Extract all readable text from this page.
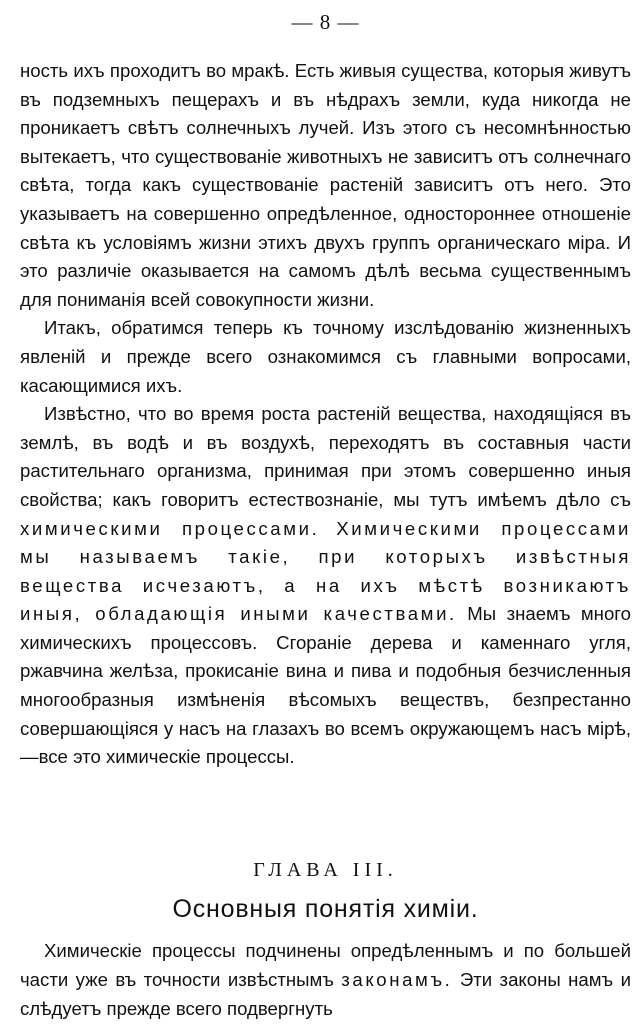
— 8 —

ность ихъ проходитъ во мракѣ. Есть живыя существа, которыя живутъ въ подземныхъ пещерахъ и въ нѣдрахъ земли, куда никогда не проникаетъ свѣтъ солнечныхъ лучей. Изъ этого съ несомнѣнностью вытекаетъ, что существованіе животныхъ не зависитъ отъ солнечнаго свѣта, тогда какъ существованіе растеній зависитъ отъ него. Это указываетъ на совершенно опредѣленное, одностороннее отношеніе свѣта къ условіямъ жизни этихъ двухъ группъ органическаго міра. И это различіе оказывается на самомъ дѣлѣ весьма существеннымъ для пониманія всей совокупности жизни.

Итакъ, обратимся теперь къ точному изслѣдованію жизненныхъ явленій и прежде всего ознакомимся съ главными вопросами, касающимися ихъ.

Извѣстно, что во время роста растеній вещества, находящіяся въ землѣ, въ водѣ и въ воздухѣ, переходятъ въ составныя части растительнаго организма, принимая при этомъ совершенно иныя свойства; какъ говоритъ естествознаніе, мы тутъ имѣемъ дѣло съ химическими процессами. Химическими процессами мы называемъ такіе, при которыхъ извѣстныя вещества исчезаютъ, а на ихъ мѣстѣ возникаютъ иныя, обладающія иными качествами. Мы знаемъ много химическихъ процессовъ. Сгораніе дерева и каменнаго угля, ржавчина желѣза, прокисаніе вина и пива и подобныя безчисленныя многообразныя измѣненія вѣсомыхъ веществъ, безпрестанно совершающіяся у насъ на глазахъ во всемъ окружающемъ насъ мірѣ,—все это химическіе процессы.

ГЛАВА III.
Основныя понятія химіи.

Химическіе процессы подчинены опредѣленнымъ и по большей части уже въ точности извѣстнымъ законамъ. Эти законы намъ и слѣдуетъ прежде всего подвергнуть
